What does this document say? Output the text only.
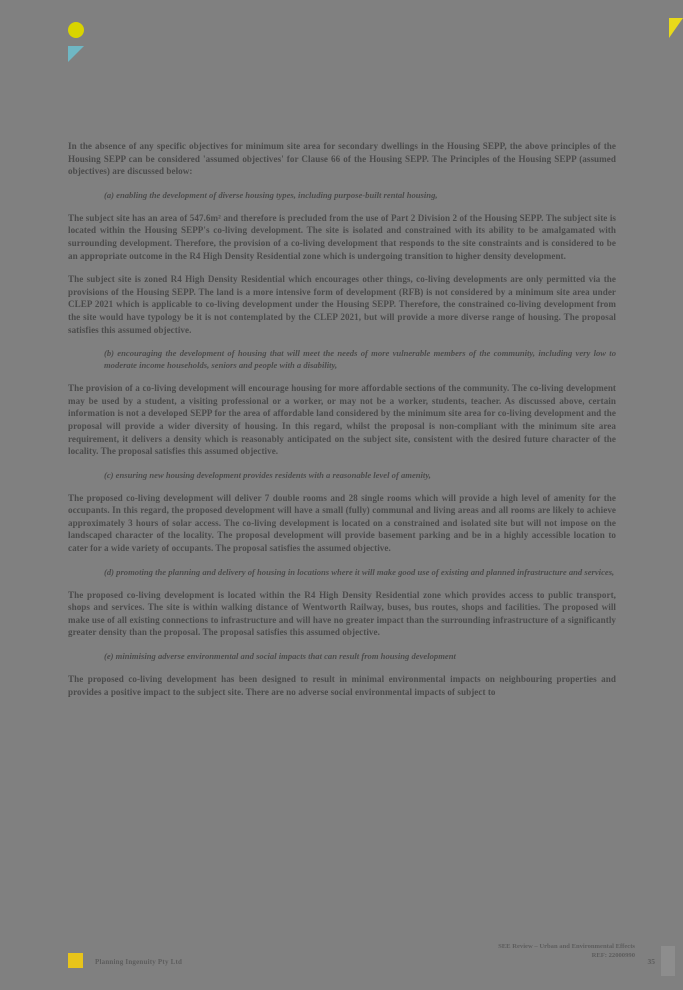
In the absence of any specific objectives for minimum site area for secondary dwellings in the Housing SEPP, the above principles of the Housing SEPP can be considered 'assumed objectives' for Clause 66 of the Housing SEPP. The Principles of the Housing SEPP (assumed objectives) are discussed below:

(a) enabling the development of diverse housing types, including purpose-built rental housing,

The subject site has an area of 547.6m² and therefore is precluded from the use of Part 2 Division 2 of the Housing SEPP. The subject site is located within the Housing SEPP's co-living development. The site is isolated and constrained with its ability to be amalgamated with surrounding development. Therefore, the provision of a co-living development that responds to the site constraints and is considered to be an appropriate outcome in the R4 High Density Residential zone which is undergoing transition to higher density development.

The subject site is zoned R4 High Density Residential which encourages other things, co-living developments are only permitted via the provisions of the Housing SEPP. The land is a more intensive form of development (RFB) is not considered by a minimum site area under CLEP 2021 which is applicable to co-living development under the Housing SEPP. Therefore, the constrained co-living development from the site would have typology be it is not contemplated by the CLEP 2021, but will provide a more diverse range of housing. The proposal satisfies this assumed objective.

(b) encouraging the development of housing that will meet the needs of more vulnerable members of the community, including very low to moderate income households, seniors and people with a disability,

The provision of a co-living development will encourage housing for more affordable sections of the community. The co-living development may be used by a student, a visiting professional or a worker, or may not be a worker, students, teacher. As discussed above, certain information is not a developed SEPP for the area of affordable land considered by the minimum site area for co-living development and the proposal will provide a wider diversity of housing. In this regard, whilst the proposal is non-compliant with the minimum site area requirement, it delivers a density which is reasonably anticipated on the subject site, consistent with the desired future character of the locality. The proposal satisfies this assumed objective.

(c) ensuring new housing development provides residents with a reasonable level of amenity,

The proposed co-living development will deliver 7 double rooms and 28 single rooms which will provide a high level of amenity for the occupants. In this regard, the proposed development will have a small (fully) communal and living areas and all rooms are likely to achieve approximately 3 hours of solar access. The co-living development is located on a constrained and isolated site but will not impose on the landscaped character of the locality. The proposal development will provide basement parking and be in a highly accessible location to cater for a wide variety of occupants. The proposal satisfies the assumed objective.

(d) promoting the planning and delivery of housing in locations where it will make good use of existing and planned infrastructure and services,

The proposed co-living development is located within the R4 High Density Residential zone which provides access to public transport, shops and services. The site is within walking distance of Wentworth Railway, buses, bus routes, shops and facilities. The proposed will make use of all existing connections to infrastructure and will have no greater impact than the surrounding infrastructure of a significantly greater density than the proposal. The proposal satisfies this assumed objective.

(e) minimising adverse environmental and social impacts that can result from housing development

The proposed co-living development has been designed to result in minimal environmental impacts on neighbouring properties and provides a positive impact to the subject site. There are no adverse social environmental impacts of subject to

Planning Ingenuity Pty Ltd
SEE Review – Urban and Environmental Effects
REF: 22000990
35
